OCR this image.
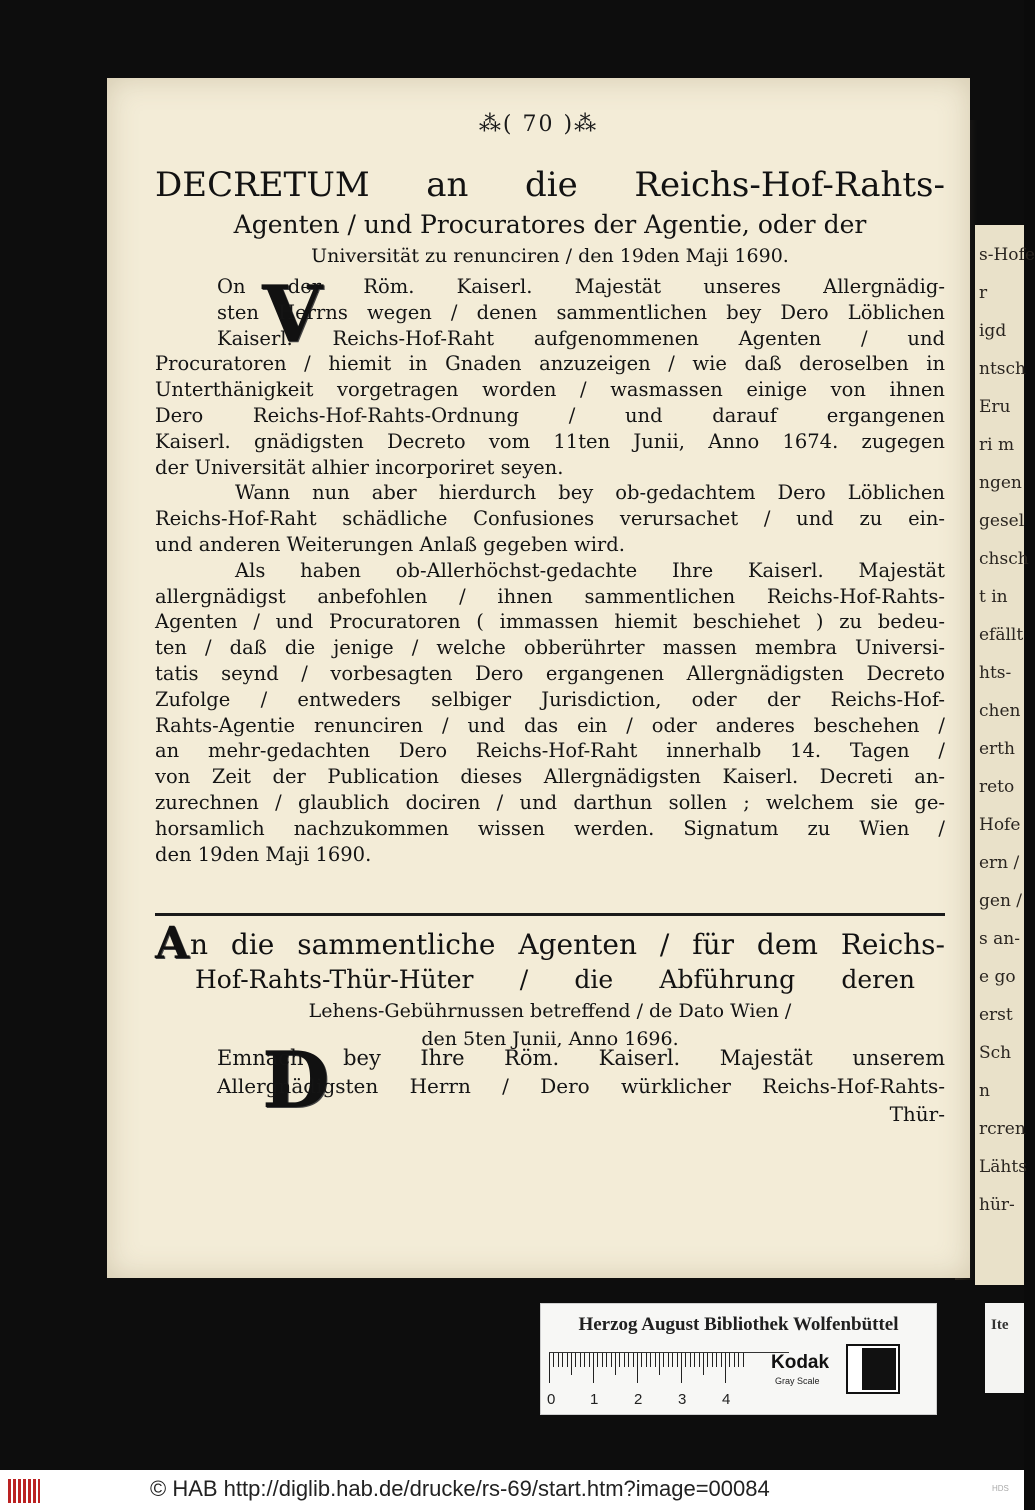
s-Hofe
r
igd
ntsch
Eru
ri m
ngen
gesel
chsch
t in
efällt
hts-
chen
erth
reto
Hofe
ern /
gen /
s an-
e go
erst
Sch
n
rcren
Lähts
hür-
⁂( 70 )⁂
DECRETUM an die Reichs-Hof-Rahts-
Agenten / und Procuratores der Agentie, oder der
Universität zu renunciren / den 19den Maji 1690.
V
On der Röm. Kaiserl. Majestät unseres Allergnädig-
sten Herrns wegen / denen sammentlichen bey Dero Löblichen
Kaiserl. Reichs-Hof-Raht aufgenommenen Agenten / und
Procuratoren / hiemit in Gnaden anzuzeigen / wie daß deroselben in
Unterthänigkeit vorgetragen worden / wasmassen einige von ihnen
Dero Reichs-Hof-Rahts-Ordnung / und darauf ergangenen
Kaiserl. gnädigsten Decreto vom 11ten Junii, Anno 1674. zugegen
der Universität alhier incorporiret seyen.
Wann nun aber hierdurch bey ob-gedachtem Dero Löblichen
Reichs-Hof-Raht schädliche Confusiones verursachet / und zu ein-
und anderen Weiterungen Anlaß gegeben wird.
Als haben ob-Allerhöchst-gedachte Ihre Kaiserl. Majestät
allergnädigst anbefohlen / ihnen sammentlichen Reichs-Hof-Rahts-
Agenten / und Procuratoren ( immassen hiemit beschiehet ) zu bedeu-
ten / daß die jenige / welche obberührter massen membra Universi-
tatis seynd / vorbesagten Dero ergangenen Allergnädigsten Decreto
Zufolge / entweders selbiger Jurisdiction, oder der Reichs-Hof-
Rahts-Agentie renunciren / und das ein / oder anderes beschehen /
an mehr-gedachten Dero Reichs-Hof-Raht innerhalb 14. Tagen /
von Zeit der Publication dieses Allergnädigsten Kaiserl. Decreti an-
zurechnen / glaublich dociren / und darthun sollen ; welchem sie ge-
horsamlich nachzukommen wissen werden. Signatum zu Wien /
den 19den Maji 1690.
A n die sammentliche Agenten / für dem Reichs-
Hof-Rahts-Thür-Hüter / die Abführung deren
Lehens-Gebührnussen betreffend / de Dato Wien /
den 5ten Junii, Anno 1696.
D
Emnach bey Ihre Röm. Kaiserl. Majestät unserem
Allergnädigsten Herrn / Dero würklicher Reichs-Hof-Rahts-
Thür-
Herzog August Bibliothek Wolfenbüttel
0 1 2 3 4
Kodak
Gray Scale
Ite
© HAB http://diglib.hab.de/drucke/rs-69/start.htm?image=00084	HDS
